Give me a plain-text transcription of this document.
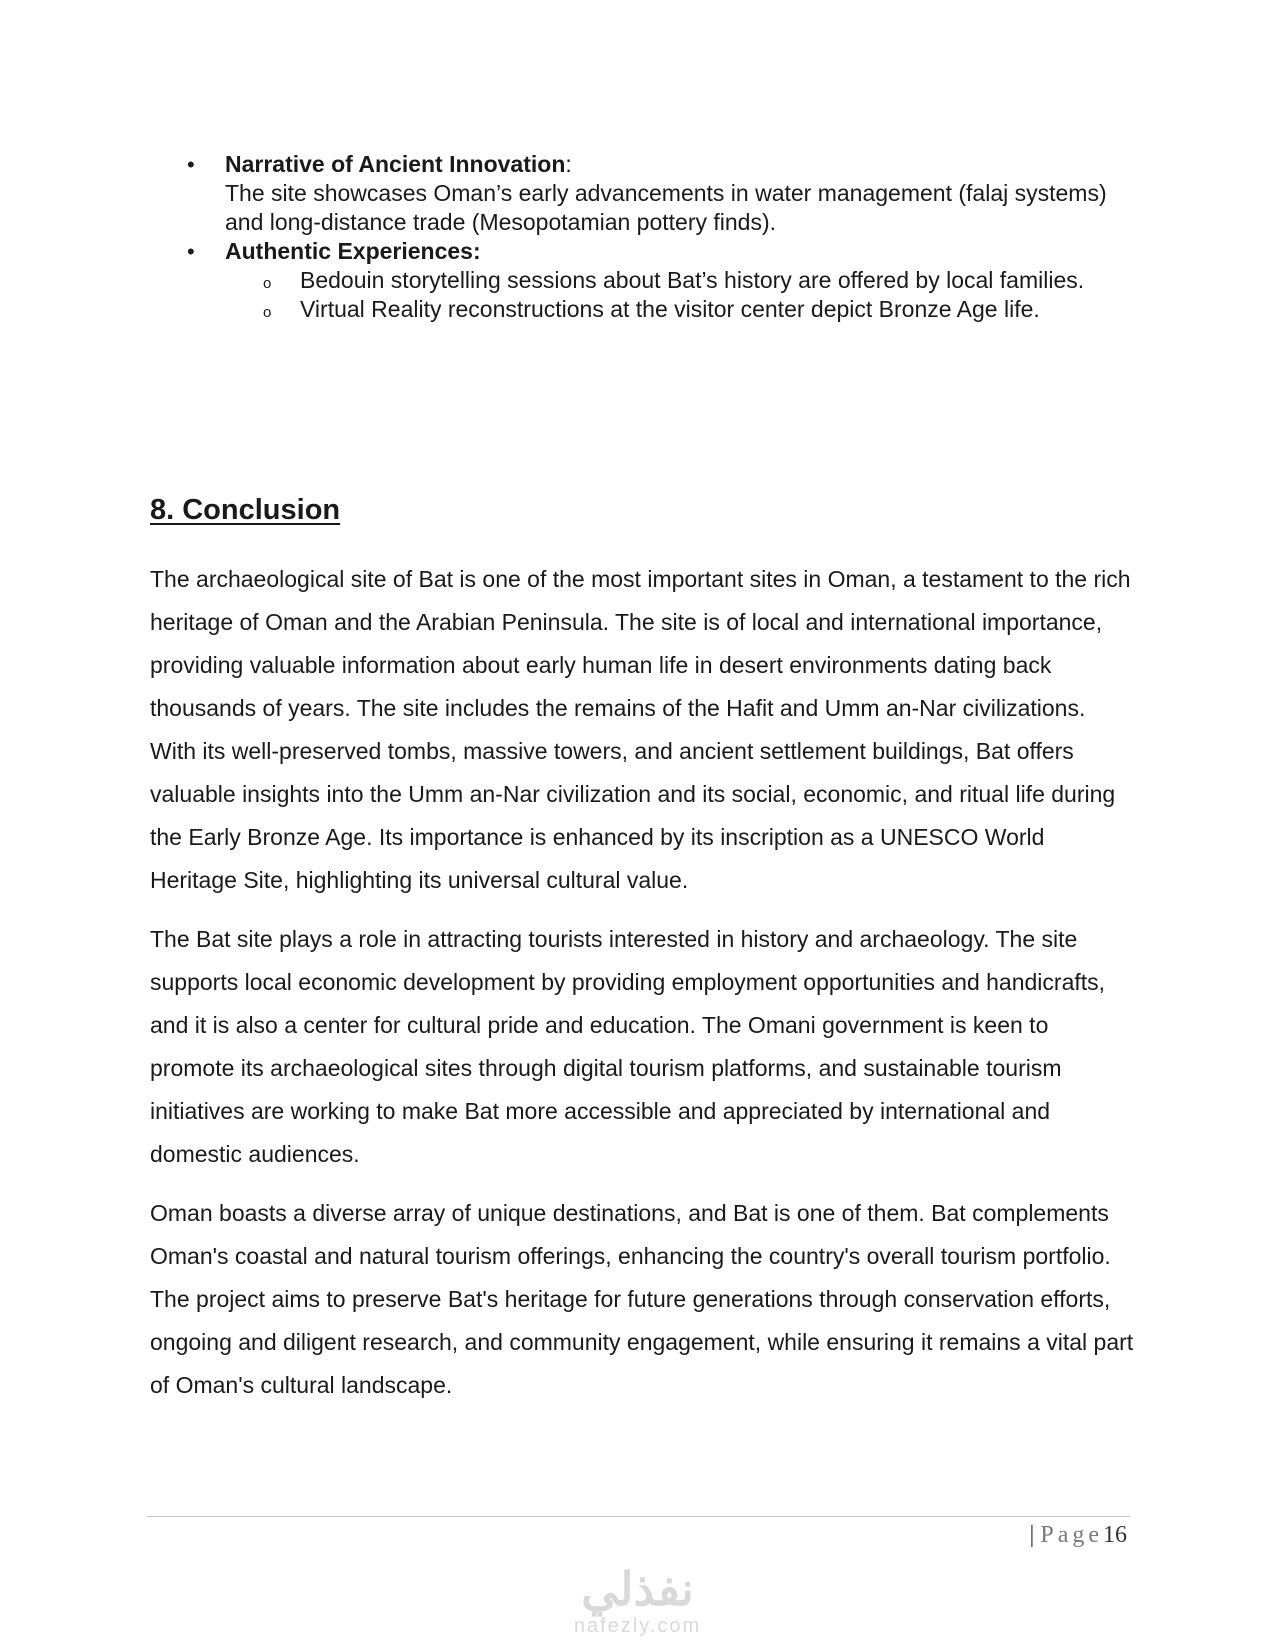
• Narrative of Ancient Innovation:
The site showcases Oman’s early advancements in water management (falaj systems) and long-distance trade (Mesopotamian pottery finds).
• Authentic Experiences:
o Bedouin storytelling sessions about Bat’s history are offered by local families.
o Virtual Reality reconstructions at the visitor center depict Bronze Age life.
8. Conclusion

The archaeological site of Bat is one of the most important sites in Oman, a testament to the rich heritage of Oman and the Arabian Peninsula. The site is of local and international importance, providing valuable information about early human life in desert environments dating back thousands of years. The site includes the remains of the Hafit and Umm an-Nar civilizations. With its well-preserved tombs, massive towers, and ancient settlement buildings, Bat offers valuable insights into the Umm an-Nar civilization and its social, economic, and ritual life during the Early Bronze Age. Its importance is enhanced by its inscription as a UNESCO World Heritage Site, highlighting its universal cultural value.

The Bat site plays a role in attracting tourists interested in history and archaeology. The site supports local economic development by providing employment opportunities and handicrafts, and it is also a center for cultural pride and education. The Omani government is keen to promote its archaeological sites through digital tourism platforms, and sustainable tourism initiatives are working to make Bat more accessible and appreciated by international and domestic audiences.

Oman boasts a diverse array of unique destinations, and Bat is one of them. Bat complements Oman's coastal and natural tourism offerings, enhancing the country's overall tourism portfolio. The project aims to preserve Bat's heritage for future generations through conservation efforts, ongoing and diligent research, and community engagement, while ensuring it remains a vital part of Oman's cultural landscape.

| Page16
نفذلي
nafezly.com
